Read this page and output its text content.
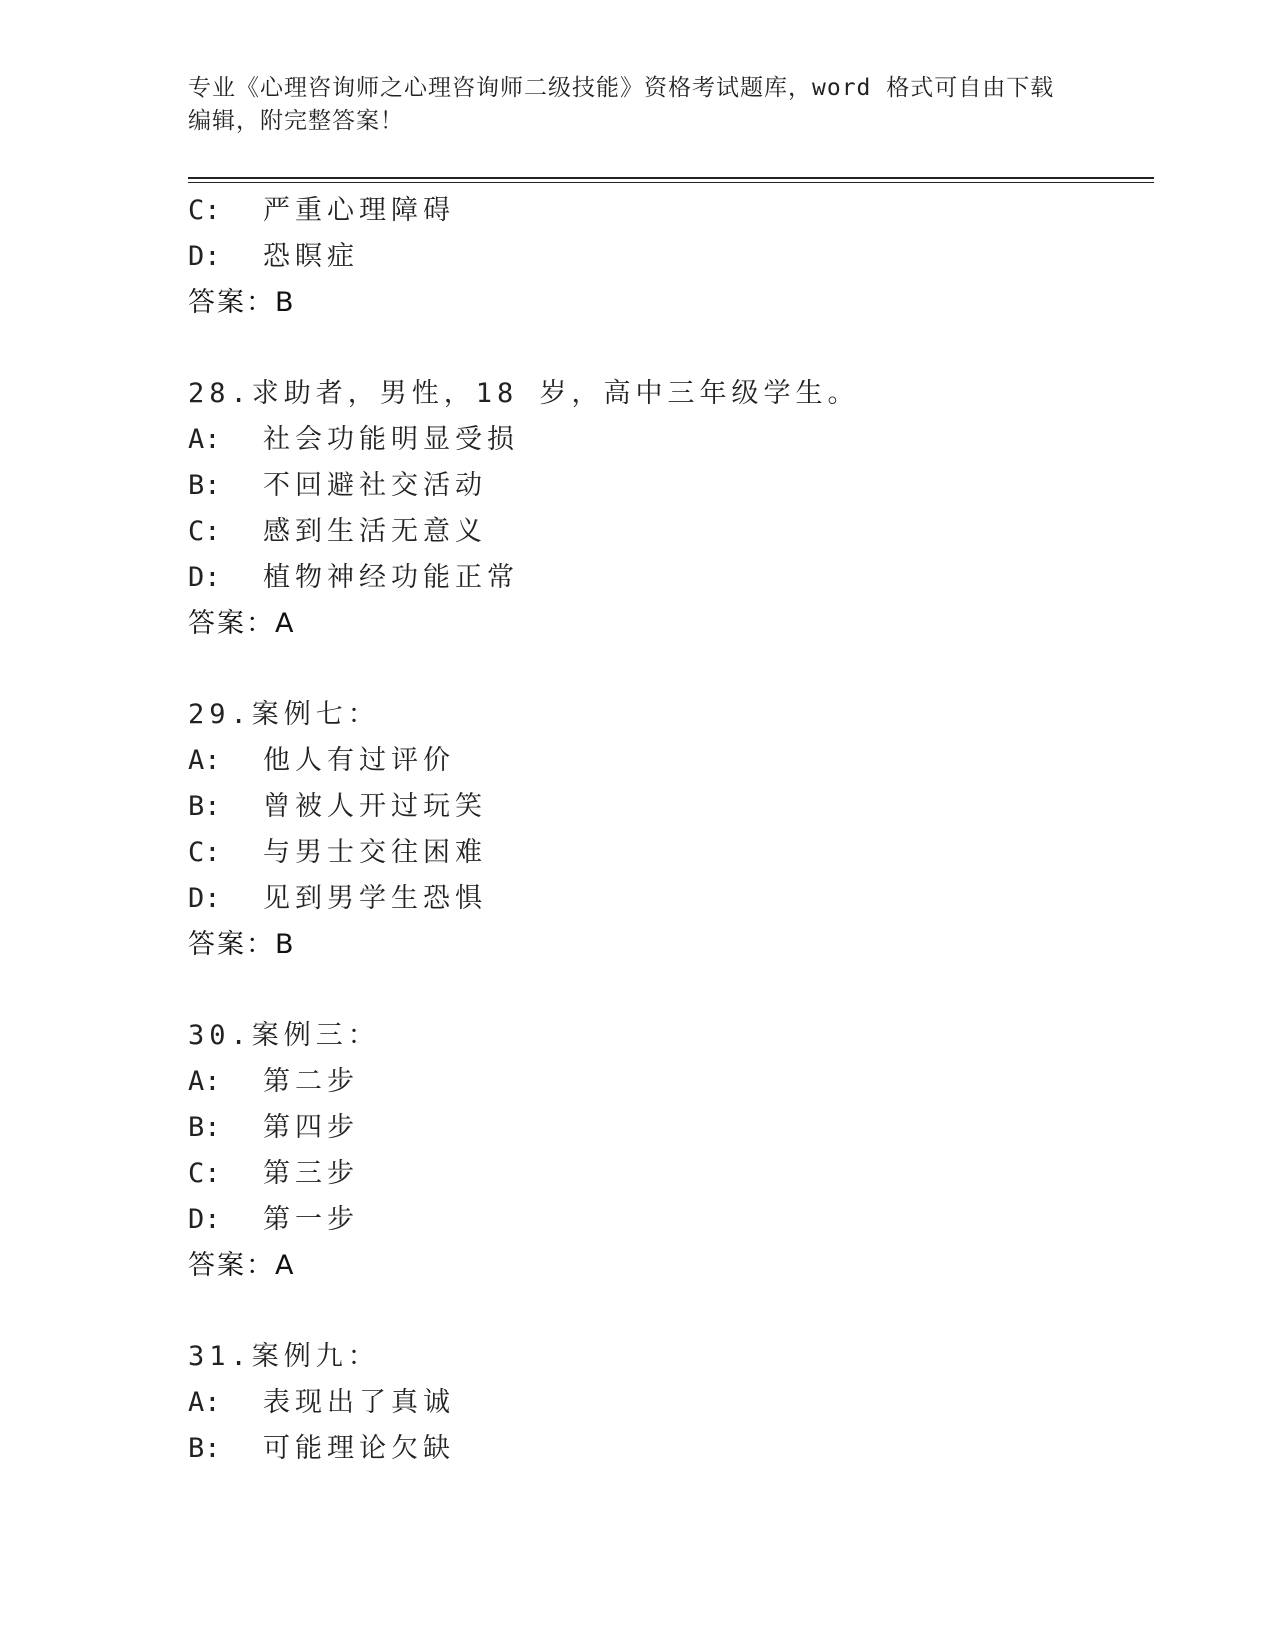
专业《心理咨询师之心理咨询师二级技能》资格考试题库，word 格式可自由下载
编辑，附完整答案！
C: 严重心理障碍
D: 恐瞑症
答案：B
28.求助者，男性，18 岁，高中三年级学生。
A: 社会功能明显受损
B: 不回避社交活动
C: 感到生活无意义
D: 植物神经功能正常
答案：A
29.案例七：
A: 他人有过评价
B: 曾被人开过玩笑
C: 与男士交往困难
D: 见到男学生恐惧
答案：B
30.案例三：
A: 第二步
B: 第四步
C: 第三步
D: 第一步
答案：A
31.案例九：
A: 表现出了真诚
B: 可能理论欠缺
